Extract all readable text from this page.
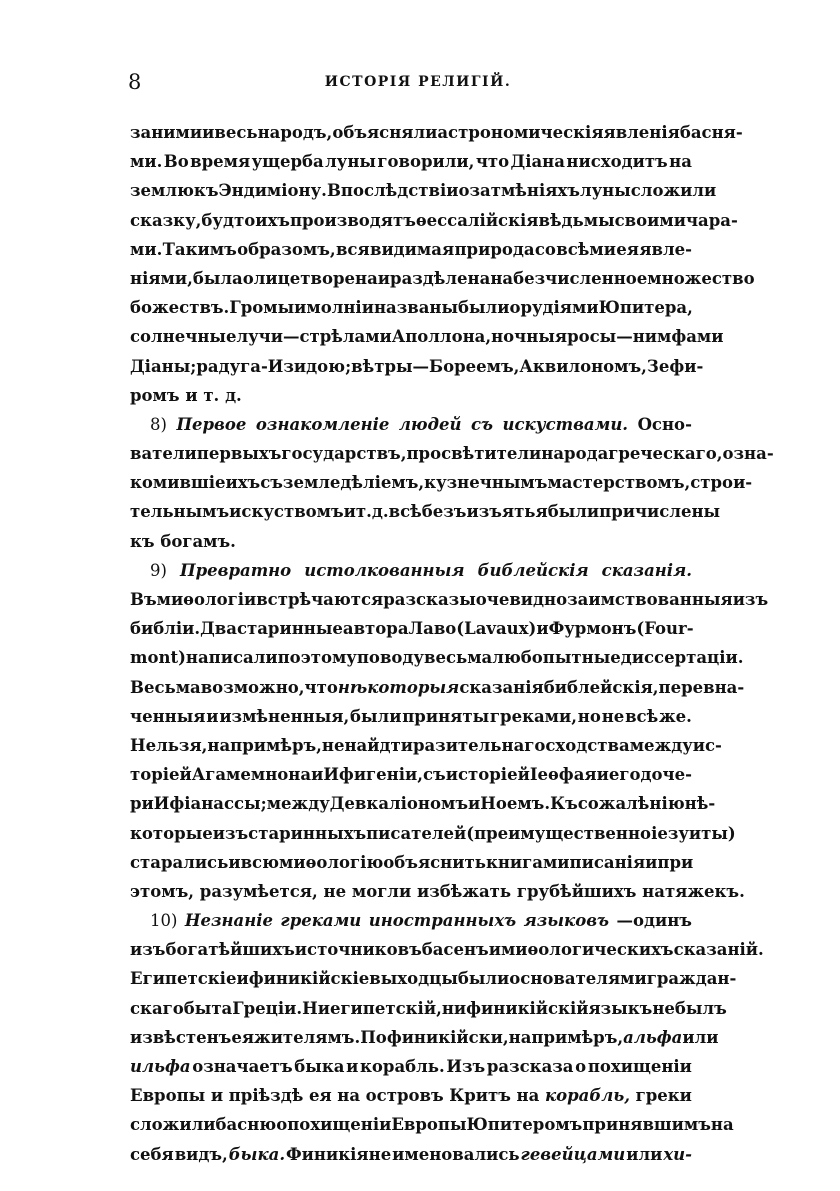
8	ИСТОРІЯ РЕЛИГІЙ.
за ними и весь народъ, объясняли астрономическія явленія басня-
ми. Во время ущерба луны говорили, что Діана нисходитъ на
землю къ Эндиміону. Впослѣдствіи о затмѣніяхъ луны сложили
сказку, будто ихъ производятъ ѳессалійскія вѣдьмы своими чара-
ми. Такимъ образомъ, вся видимая природа со всѣми ея явле-
ніями, была олицетворена и раздѣлена на безчисленное множество
божествъ. Громы и молніи названы были орудіями Юпитера,
солнечные лучи—стрѣлами Аполлона, ночныя росы —нимфами
Діаны; радуга -Изидою; вѣтры—Бореемъ, Аквилономъ, Зефи-
ромъ и т. д.
8) Первое ознакомленіе людей съ искуствами. Осно-
ватели первыхъ государствъ, просвѣтители народа греческаго, озна-
комившіе ихъ съ земледѣліемъ, кузнечнымъ мастерствомъ, строи-
тельнымъ искуствомъ и т. д. всѣ безъ изъятья были причислены
къ богамъ.
9) Превратно истолкованныя библейскія сказанія.
Въ миѳологіи встрѣчаются разсказы очевидно заимствованныя изъ
библіи. Два старинные автора Лаво (Lavaux) и Фурмонъ (Four-
mont) написали по этому поводу весьма любопытные диссертаціи.
Весьма возможно, что нѣкоторыя сказанія библейскія, перевна-
ченныя и измѣненныя, были приняты греками, но не всѣ же.
Нельзя, напримѣръ, не найдти разительнаго сходства между ис-
торіей Агамемнона и Ифигеніи, съ исторіей Іеѳфая и его доче-
ри Ифіанассы; между Девкаліономъ и Ноемъ. Къ сожалѣнію нѣ-
которые изъ старинныхъ писателей (преимущественно іезуиты)
старались и всю миѳологію объяснить книгами писанія и при
этомъ, разумѣется, не могли избѣжать грубѣйшихъ натяжекъ.
10) Незнаніе греками иностранныхъ языковъ —одинъ
изъ богатѣйшихъ источниковъ басенъ и миѳологическихъ сказаній.
Египетскіе и финикійскіе выходцы были основателями граждан-
скаго быта Греціи. Ни египетскій, ни финикійскій языкъ не былъ
извѣстенъ ея жителямъ. По финикійски, напримѣръ, альфа или
ильфа означаетъ быка и корабль. Изъ разсказа о похищеніи
Европы и пріѣздѣ ея на островъ Критъ на корабль, греки
сложили басню о похищеніи Европы Юпитеромъ принявшимъ на
себя видъ, быка. Финикіяне именовались гевейцами или хи-
